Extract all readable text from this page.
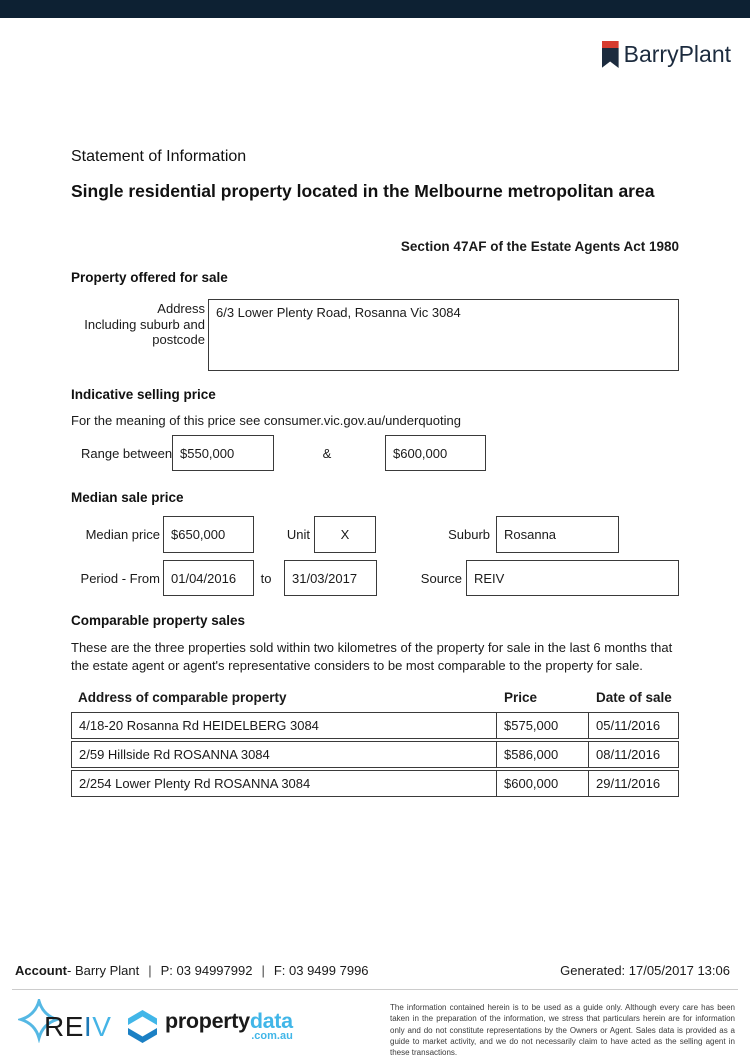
BarryPlant
Statement of Information
Single residential property located in the Melbourne metropolitan area
Section 47AF of the Estate Agents Act 1980
Property offered for sale
Address
Including suburb and
postcode
6/3 Lower Plenty Road, Rosanna Vic 3084
Indicative selling price
For the meaning of this price see consumer.vic.gov.au/underquoting
Range between $550,000	&	$600,000
Median sale price
Median price $650,000	Unit	X	Suburb	Rosanna
Period - From 01/04/2016	to	31/03/2017	Source REIV
Comparable property sales
These are the three properties sold within two kilometres of the property for sale in the last 6 months that the estate agent or agent's representative considers to be most comparable to the property for sale.
Address of comparable property	Price	Date of sale
4/18-20 Rosanna Rd HEIDELBERG 3084	$575,000	05/11/2016
2/59 Hillside Rd ROSANNA 3084	$586,000	08/11/2016
2/254 Lower Plenty Rd ROSANNA 3084	$600,000	29/11/2016
Account - Barry Plant | P: 03 94997992 | F: 03 9499 7996	Generated: 17/05/2017 13:06
REIV propertydata
.com.au
The information contained herein is to be used as a guide only. Although every care has been taken in the preparation of the information, we stress that particulars herein are for information only and do not constitute representations by the Owners or Agent. Sales data is provided as a guide to market activity, and we do not necessarily claim to have acted as the selling agent in these transactions.
